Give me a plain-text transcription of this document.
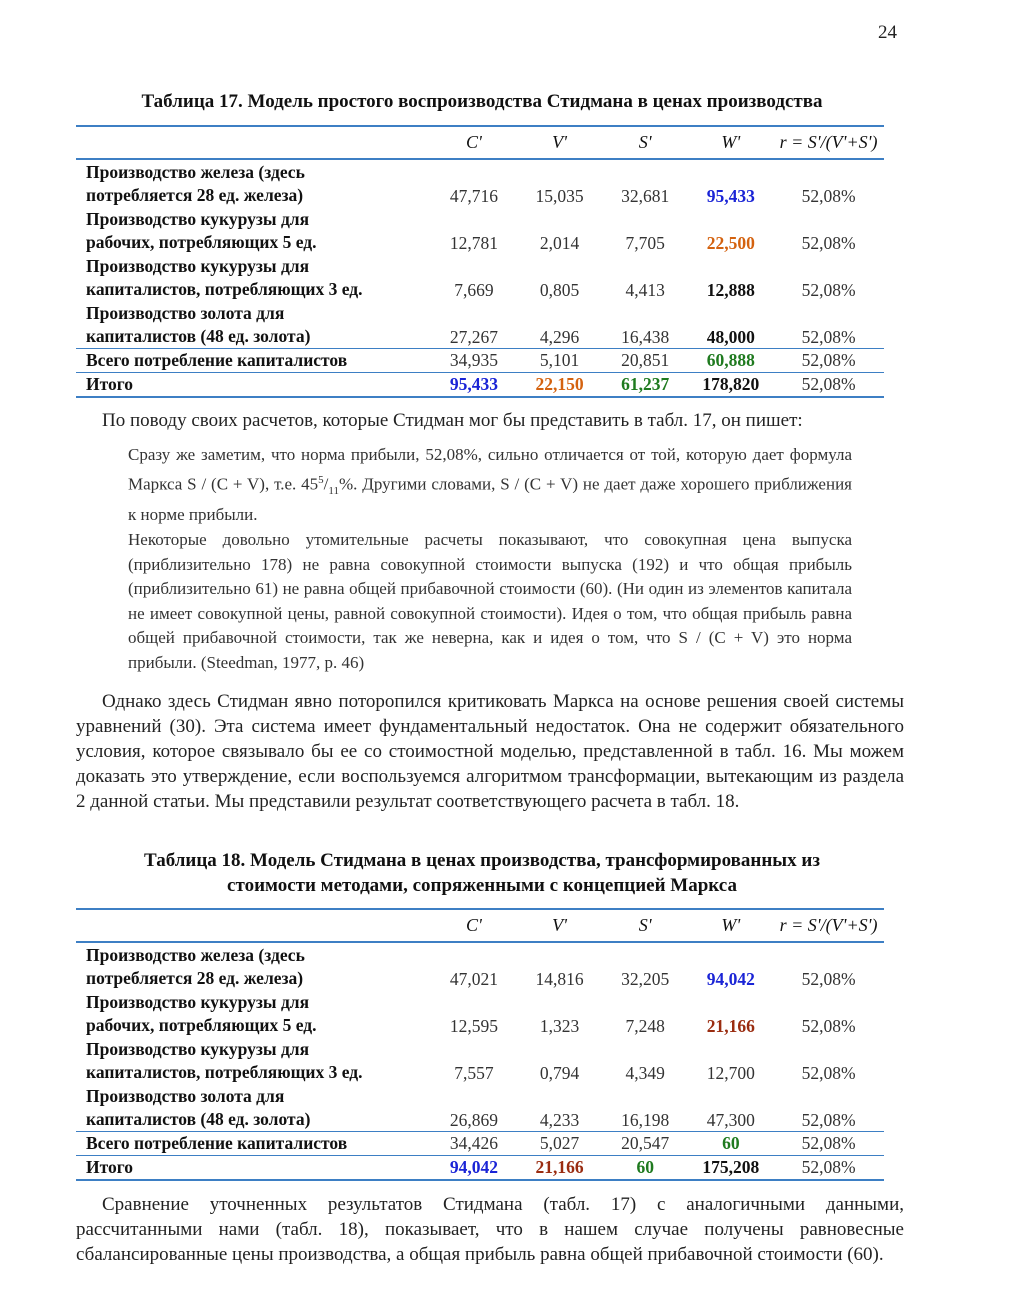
24
Таблица 17. Модель простого воспроизводства Стидмана в ценах производства
	C'	V'	S'	W'	r = S'/(V'+S')
Производство железа (здесь
потребляется 28 ед. железа)	47,716	15,035	32,681	95,433	52,08%
Производство кукурузы для
рабочих, потребляющих 5 ед.	12,781	2,014	7,705	22,500	52,08%
Производство кукурузы для
капиталистов, потребляющих 3 ед.	7,669	0,805	4,413	12,888	52,08%
Производство золота для
капиталистов (48 ед. золота)	27,267	4,296	16,438	48,000	52,08%
Всего потребление капиталистов	34,935	5,101	20,851	60,888	52,08%
Итого	95,433	22,150	61,237	178,820	52,08%
По поводу своих расчетов, которые Стидман мог бы представить в табл. 17, он пишет:
Сразу же заметим, что норма прибыли, 52,08%, сильно отличается от той, которую дает формула Маркса S / (C + V), т.е. $45^5/_{11}\%$. Другими словами, S / (C + V) не дает даже хорошего приближения к норме прибыли.
Некоторые довольно утомительные расчеты показывают, что совокупная цена выпуска (приблизительно 178) не равна совокупной стоимости выпуска (192) и что общая прибыль (приблизительно 61) не равна общей прибавочной стоимости (60). (Ни один из элементов капитала не имеет совокупной цены, равной совокупной стоимости). Идея о том, что общая прибыль равна общей прибавочной стоимости, так же неверна, как и идея о том, что S / (C + V) это норма прибыли. (Steedman, 1977, p. 46)
Однако здесь Стидман явно поторопился критиковать Маркса на основе решения своей системы уравнений (30). Эта система имеет фундаментальный недостаток. Она не содержит обязательного условия, которое связывало бы ее со стоимостной моделью, представленной в табл. 16. Мы можем доказать это утверждение, если воспользуемся алгоритмом трансформации, вытекающим из раздела 2 данной статьи. Мы представили результат соответствующего расчета в табл. 18.
Таблица 18. Модель Стидмана в ценах производства, трансформированных из
стоимости методами, сопряженными с концепцией Маркса
	C'	V'	S'	W'	r = S'/(V'+S')
Производство железа (здесь
потребляется 28 ед. железа)	47,021	14,816	32,205	94,042	52,08%
Производство кукурузы для
рабочих, потребляющих 5 ед.	12,595	1,323	7,248	21,166	52,08%
Производство кукурузы для
капиталистов, потребляющих 3 ед.	7,557	0,794	4,349	12,700	52,08%
Производство золота для
капиталистов (48 ед. золота)	26,869	4,233	16,198	47,300	52,08%
Всего потребление капиталистов	34,426	5,027	20,547	60	52,08%
Итого	94,042	21,166	60	175,208	52,08%
Сравнение уточненных результатов Стидмана (табл. 17) с аналогичными данными, рассчитанными нами (табл. 18), показывает, что в нашем случае получены равновесные сбалансированные цены производства, а общая прибыль равна общей прибавочной стоимости (60).
